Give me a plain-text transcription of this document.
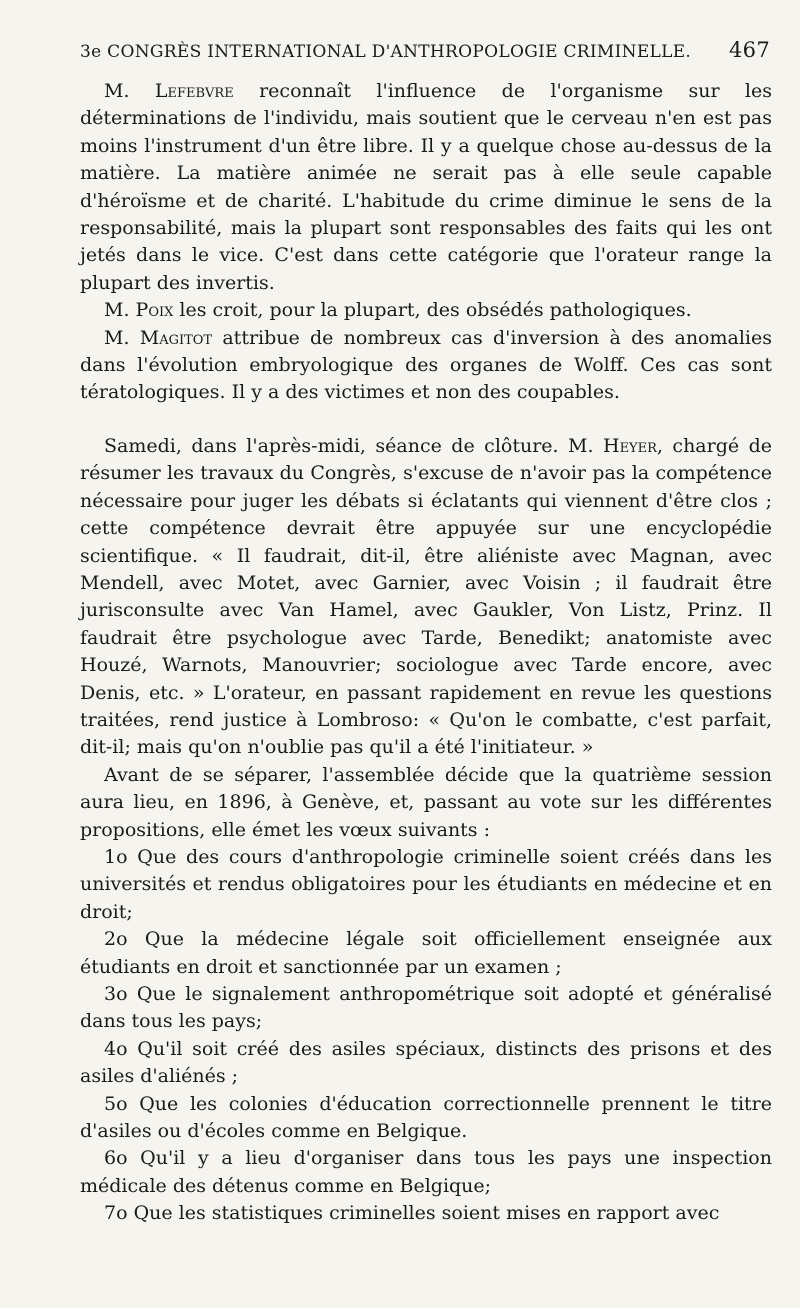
3e CONGRÈS INTERNATIONAL D'ANTHROPOLOGIE CRIMINELLE. 467

M. Lefebvre reconnaît l'influence de l'organisme sur les déterminations de l'individu, mais soutient que le cerveau n'en est pas moins l'instrument d'un être libre. Il y a quelque chose au-dessus de la matière. La matière animée ne serait pas à elle seule capable d'héroïsme et de charité. L'habitude du crime diminue le sens de la responsabilité, mais la plupart sont responsables des faits qui les ont jetés dans le vice. C'est dans cette catégorie que l'orateur range la plupart des invertis.

M. Poix les croit, pour la plupart, des obsédés pathologiques.

M. Magitot attribue de nombreux cas d'inversion à des anomalies dans l'évolution embryologique des organes de Wolff. Ces cas sont tératologiques. Il y a des victimes et non des coupables.

Samedi, dans l'après-midi, séance de clôture. M. Heyer, chargé de résumer les travaux du Congrès, s'excuse de n'avoir pas la compétence nécessaire pour juger les débats si éclatants qui viennent d'être clos ; cette compétence devrait être appuyée sur une encyclopédie scientifique. « Il faudrait, dit-il, être aliéniste avec Magnan, avec Mendell, avec Motet, avec Garnier, avec Voisin ; il faudrait être jurisconsulte avec Van Hamel, avec Gaukler, Von Listz, Prinz. Il faudrait être psychologue avec Tarde, Benedikt; anatomiste avec Houzé, Warnots, Manouvrier; sociologue avec Tarde encore, avec Denis, etc. » L'orateur, en passant rapidement en revue les questions traitées, rend justice à Lombroso: « Qu'on le combatte, c'est parfait, dit-il; mais qu'on n'oublie pas qu'il a été l'initiateur. »

Avant de se séparer, l'assemblée décide que la quatrième session aura lieu, en 1896, à Genève, et, passant au vote sur les différentes propositions, elle émet les vœux suivants :

1o Que des cours d'anthropologie criminelle soient créés dans les universités et rendus obligatoires pour les étudiants en médecine et en droit;

2o Que la médecine légale soit officiellement enseignée aux étudiants en droit et sanctionnée par un examen ;

3o Que le signalement anthropométrique soit adopté et généralisé dans tous les pays;

4o Qu'il soit créé des asiles spéciaux, distincts des prisons et des asiles d'aliénés ;

5o Que les colonies d'éducation correctionnelle prennent le titre d'asiles ou d'écoles comme en Belgique.

6o Qu'il y a lieu d'organiser dans tous les pays une inspection médicale des détenus comme en Belgique;

7o Que les statistiques criminelles soient mises en rapport avec
